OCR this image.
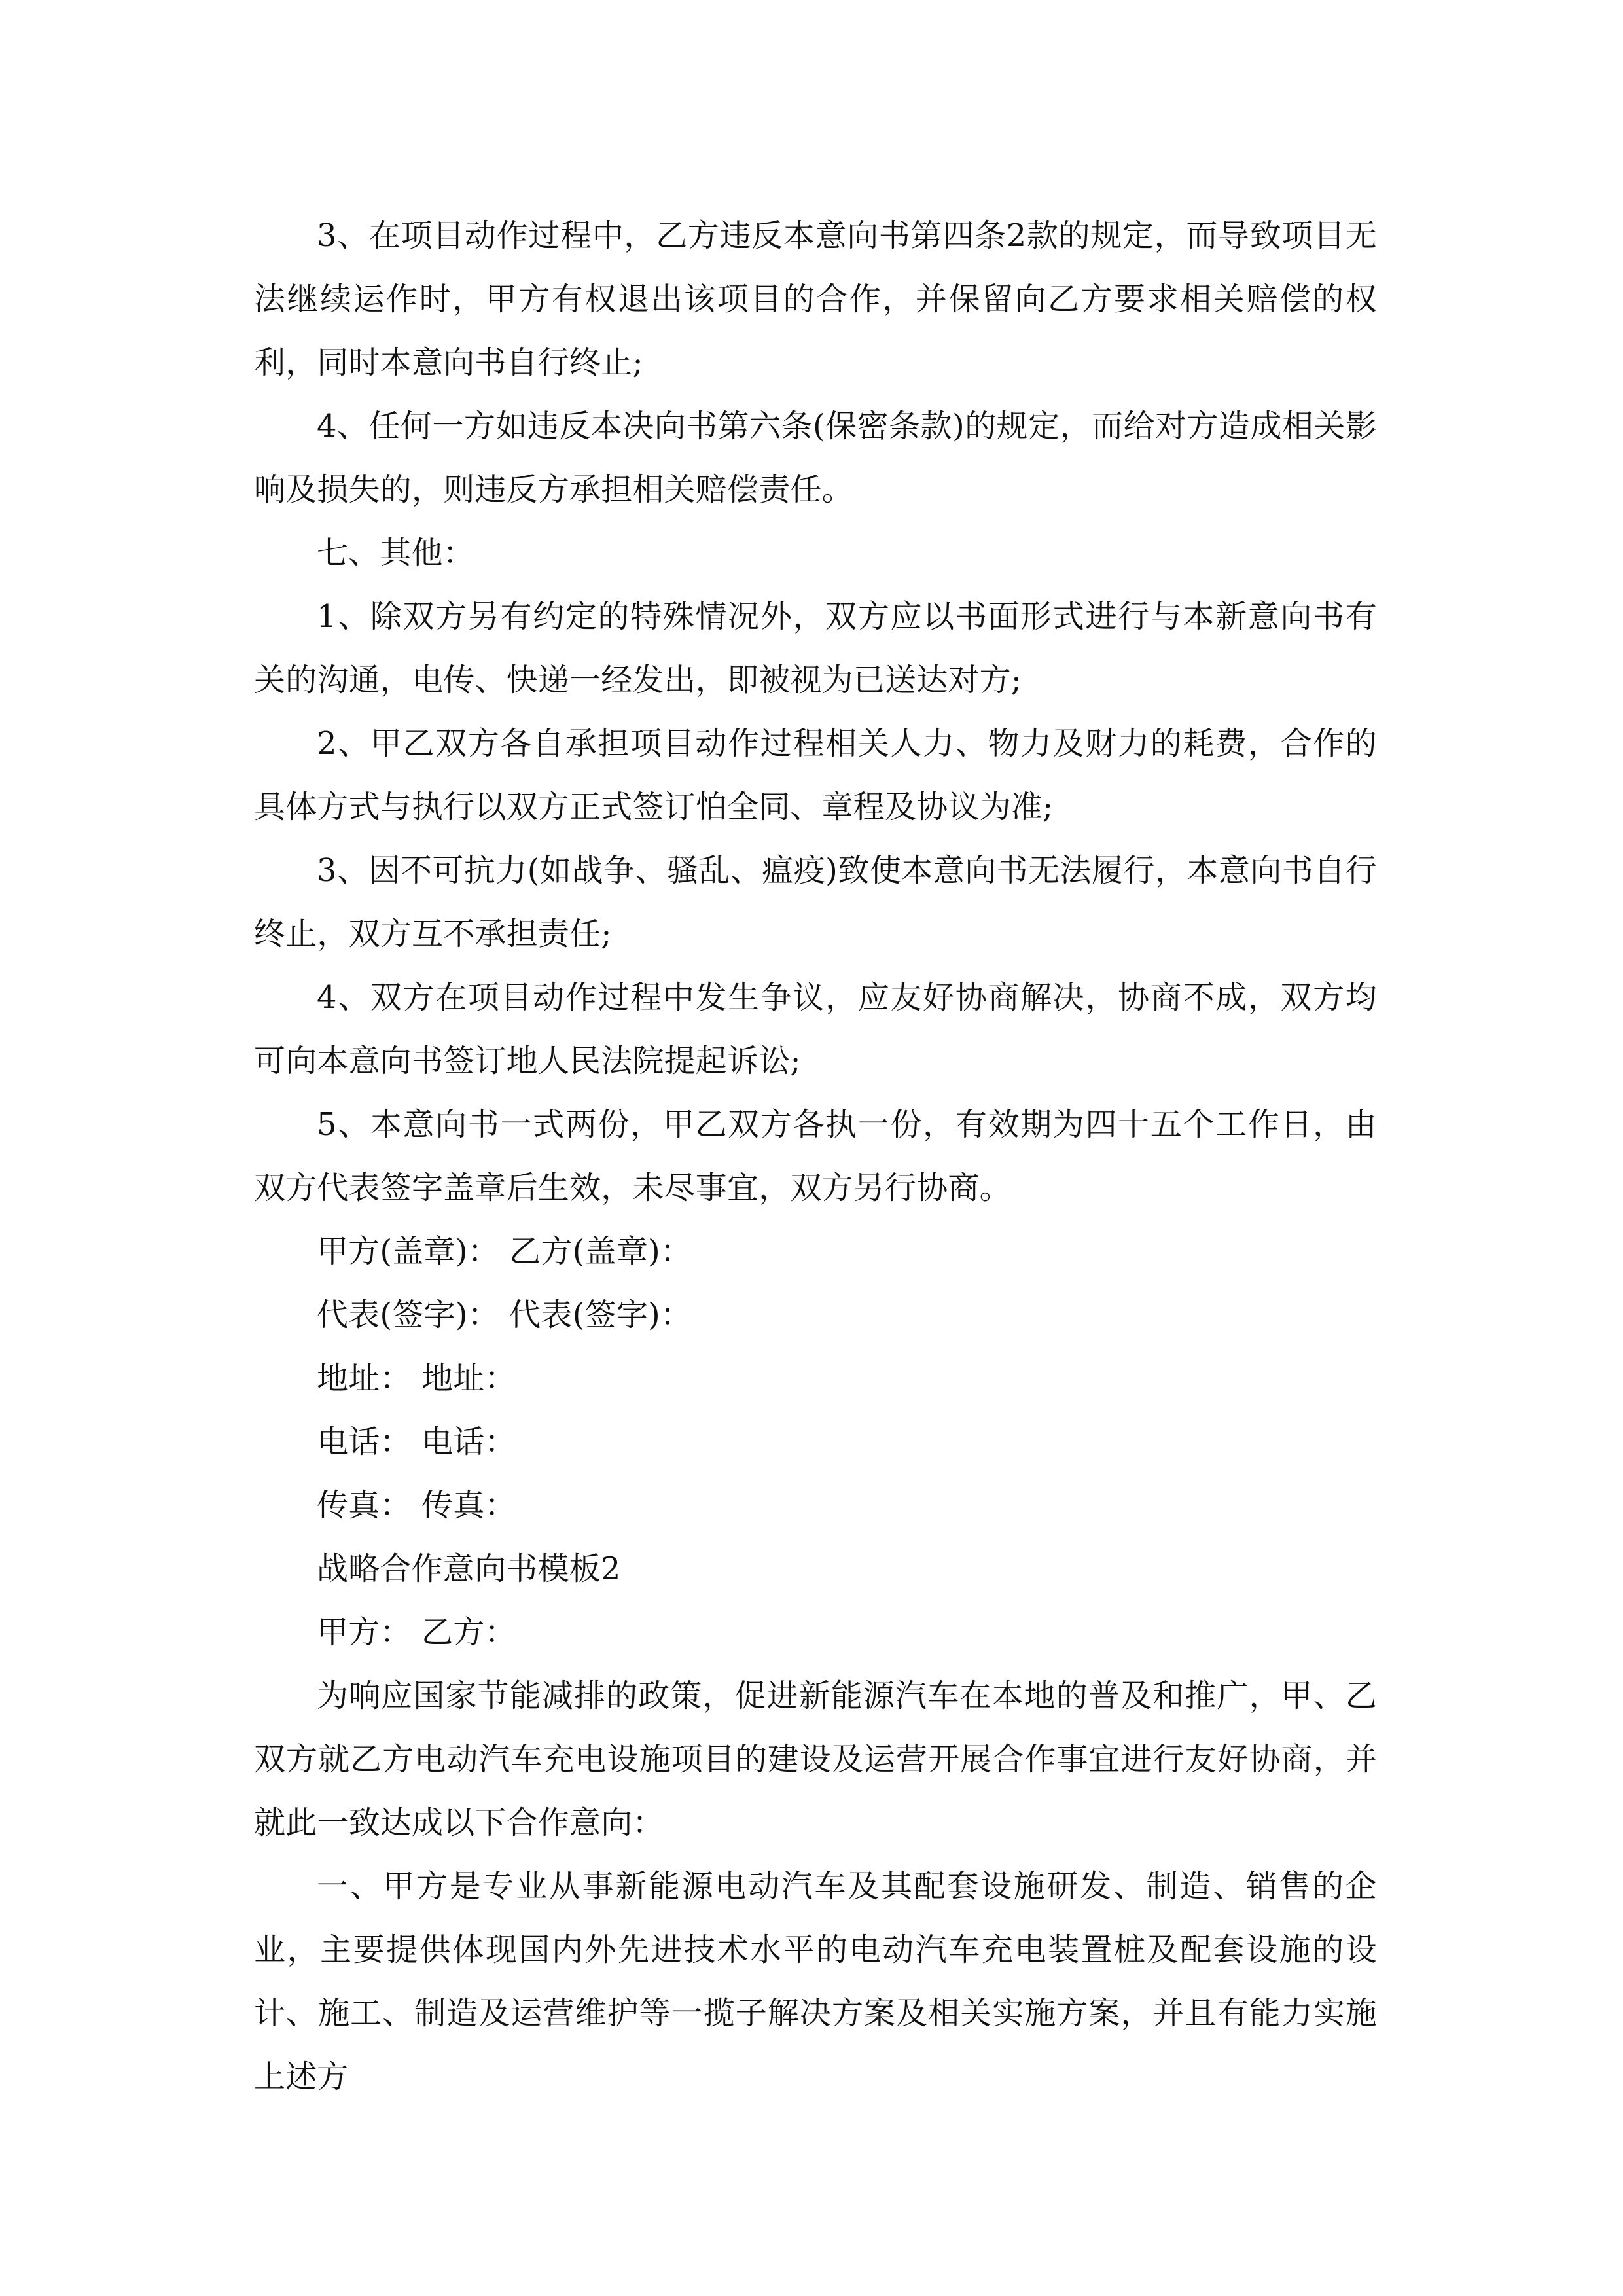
3、在项目动作过程中，乙方违反本意向书第四条2款的规定，而导致项目无法继续运作时，甲方有权退出该项目的合作，并保留向乙方要求相关赔偿的权利，同时本意向书自行终止;

4、任何一方如违反本决向书第六条(保密条款)的规定，而给对方造成相关影响及损失的，则违反方承担相关赔偿责任。

七、其他：

1、除双方另有约定的特殊情况外，双方应以书面形式进行与本新意向书有关的沟通，电传、快递一经发出，即被视为已送达对方;

2、甲乙双方各自承担项目动作过程相关人力、物力及财力的耗费，合作的具体方式与执行以双方正式签订怕全同、章程及协议为准;

3、因不可抗力(如战争、骚乱、瘟疫)致使本意向书无法履行，本意向书自行终止，双方互不承担责任;

4、双方在项目动作过程中发生争议，应友好协商解决，协商不成，双方均可向本意向书签订地人民法院提起诉讼;

5、本意向书一式两份，甲乙双方各执一份，有效期为四十五个工作日，由双方代表签字盖章后生效，未尽事宜，双方另行协商。

甲方(盖章)： 乙方(盖章)：

代表(签字)： 代表(签字)：

地址： 地址：

电话： 电话：

传真： 传真：

战略合作意向书模板2

甲方： 乙方：

为响应国家节能减排的政策，促进新能源汽车在本地的普及和推广，甲、乙双方就乙方电动汽车充电设施项目的建设及运营开展合作事宜进行友好协商，并就此一致达成以下合作意向：

一、甲方是专业从事新能源电动汽车及其配套设施研发、制造、销售的企业，主要提供体现国内外先进技术水平的电动汽车充电装置桩及配套设施的设计、施工、制造及运营维护等一揽子解决方案及相关实施方案，并且有能力实施上述方
